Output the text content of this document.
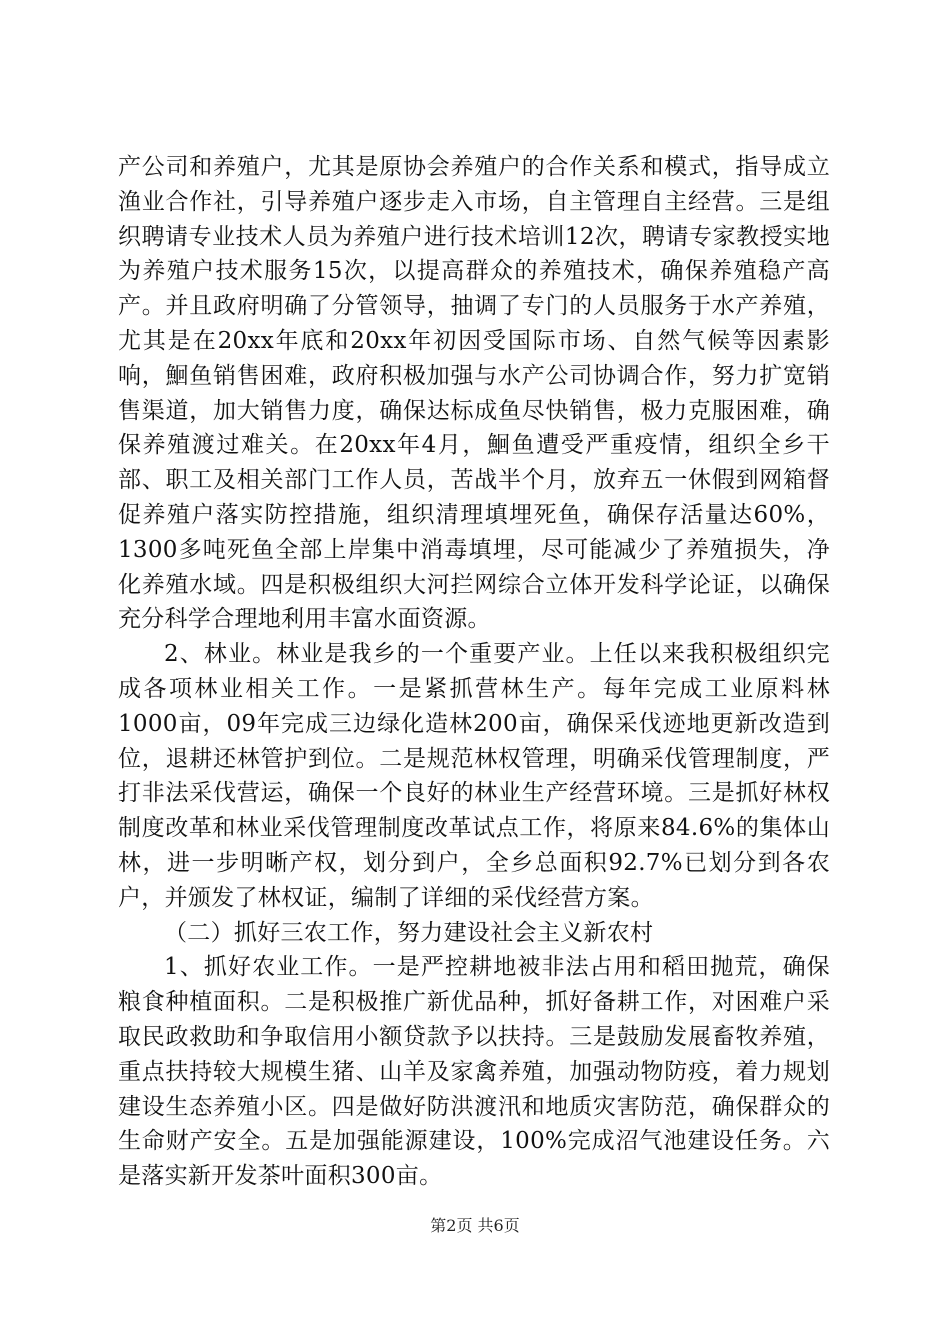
产公司和养殖户，尤其是原协会养殖户的合作关系和模式，指导成立渔业合作社，引导养殖户逐步走入市场，自主管理自主经营。三是组织聘请专业技术人员为养殖户进行技术培训12次，聘请专家教授实地为养殖户技术服务15次，以提高群众的养殖技术，确保养殖稳产高产。并且政府明确了分管领导，抽调了专门的人员服务于水产养殖，尤其是在20xx年底和20xx年初因受国际市场、自然气候等因素影响，鮰鱼销售困难，政府积极加强与水产公司协调合作，努力扩宽销售渠道，加大销售力度，确保达标成鱼尽快销售，极力克服困难，确保养殖渡过难关。在20xx年4月，鮰鱼遭受严重疫情，组织全乡干部、职工及相关部门工作人员，苦战半个月，放弃五一休假到网箱督促养殖户落实防控措施，组织清理填埋死鱼，确保存活量达60%，1300多吨死鱼全部上岸集中消毒填埋，尽可能减少了养殖损失，净化养殖水域。四是积极组织大河拦网综合立体开发科学论证，以确保充分科学合理地利用丰富水面资源。

2、林业。林业是我乡的一个重要产业。上任以来我积极组织完成各项林业相关工作。一是紧抓营林生产。每年完成工业原料林1000亩，09年完成三边绿化造林200亩，确保采伐迹地更新改造到位，退耕还林管护到位。二是规范林权管理，明确采伐管理制度，严打非法采伐营运，确保一个良好的林业生产经营环境。三是抓好林权制度改革和林业采伐管理制度改革试点工作，将原来84.6%的集体山林，进一步明晰产权，划分到户，全乡总面积92.7%已划分到各农户，并颁发了林权证，编制了详细的采伐经营方案。

（二）抓好三农工作，努力建设社会主义新农村

1、抓好农业工作。一是严控耕地被非法占用和稻田抛荒，确保粮食种植面积。二是积极推广新优品种，抓好备耕工作，对困难户采取民政救助和争取信用小额贷款予以扶持。三是鼓励发展畜牧养殖，重点扶持较大规模生猪、山羊及家禽养殖，加强动物防疫，着力规划建设生态养殖小区。四是做好防洪渡汛和地质灾害防范，确保群众的生命财产安全。五是加强能源建设，100%完成沼气池建设任务。六是落实新开发茶叶面积300亩。

第2页 共6页
